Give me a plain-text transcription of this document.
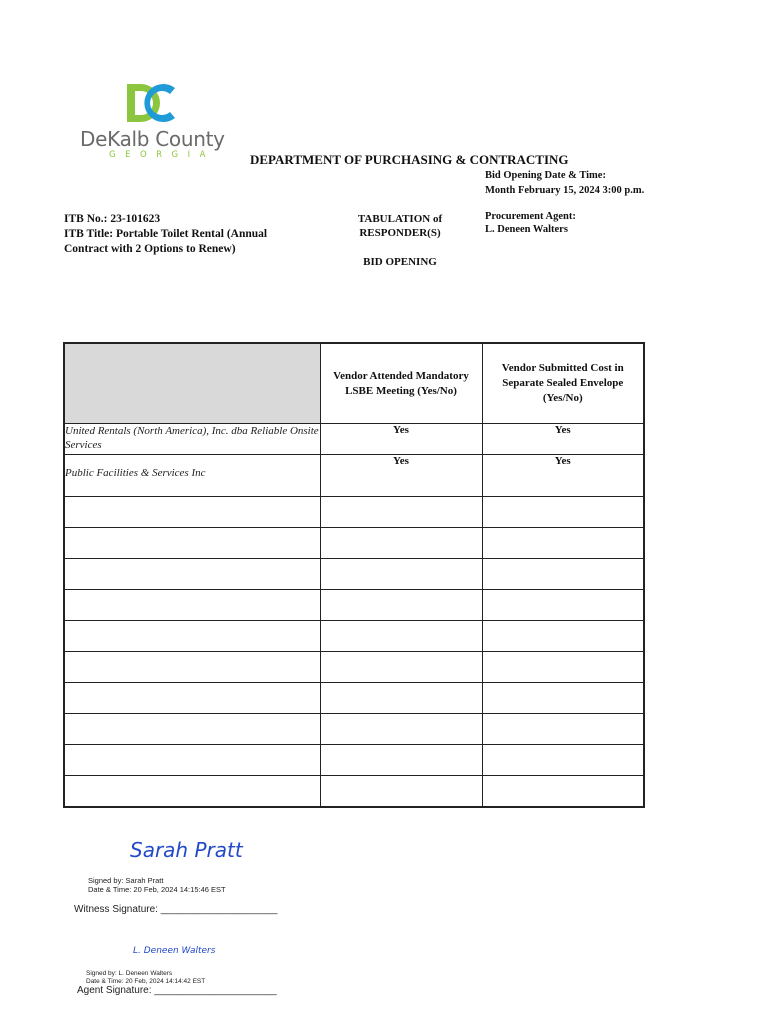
DeKalb County
GEORGIA	DEPARTMENT OF PURCHASING & CONTRACTING
Bid Opening Date & Time:
Month February 15, 2024 3:00 p.m.
ITB No.: 23-101623
ITB Title: Portable Toilet Rental (Annual
Contract with 2 Options to Renew)
TABULATION of
RESPONDER(S)
BID OPENING
Procurement Agent:
L. Deneen Walters
	Vendor Attended Mandatory LSBE Meeting (Yes/No)	Vendor Submitted Cost in Separate Sealed Envelope (Yes/No)
United Rentals (North America), Inc. dba Reliable Onsite Services	Yes	Yes
Public Facilities & Services Inc	Yes	Yes

Sarah Pratt
Signed by: Sarah Pratt
Date & Time: 20 Feb, 2024 14:15:46 EST
Witness Signature: _____________________
L. Deneen Walters
Signed by: L. Deneen Walters
Date & Time: 20 Feb, 2024 14:14:42 EST
Agent Signature: ______________________
